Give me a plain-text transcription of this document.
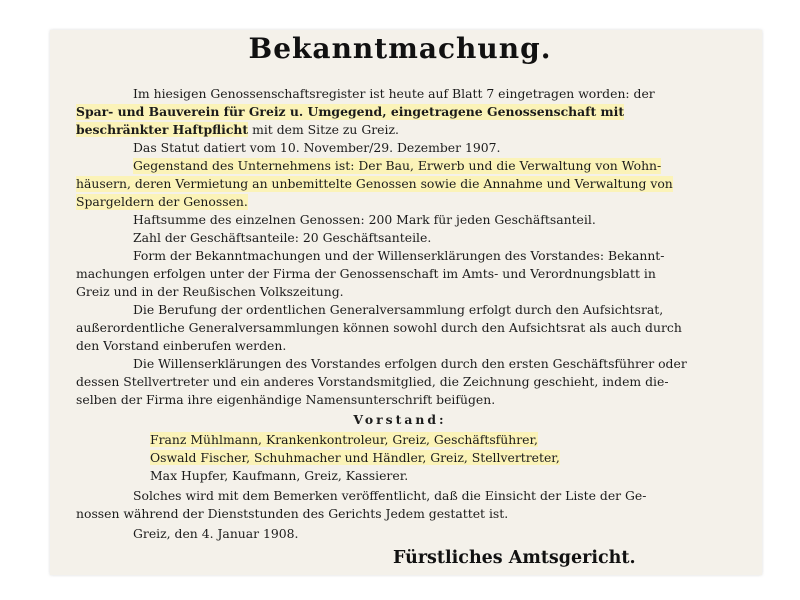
Bekanntmachung.
Im hiesigen Genossenschaftsregister ist heute auf Blatt 7 eingetragen worden: der
Spar- und Bauverein für Greiz u. Umgegend, eingetragene Genossenschaft mit
beschränkter Haftpflicht mit dem Sitze zu Greiz.
Das Statut datiert vom 10. November/29. Dezember 1907.
Gegenstand des Unternehmens ist: Der Bau, Erwerb und die Verwaltung von Wohn-
häusern, deren Vermietung an unbemittelte Genossen sowie die Annahme und Verwaltung von
Spargeldern der Genossen.
Haftsumme des einzelnen Genossen: 200 Mark für jeden Geschäftsanteil.
Zahl der Geschäftsanteile: 20 Geschäftsanteile.
Form der Bekanntmachungen und der Willenserklärungen des Vorstandes: Bekannt-
machungen erfolgen unter der Firma der Genossenschaft im Amts- und Verordnungsblatt in
Greiz und in der Reußischen Volkszeitung.
Die Berufung der ordentlichen Generalversammlung erfolgt durch den Aufsichtsrat,
außerordentliche Generalversammlungen können sowohl durch den Aufsichtsrat als auch durch
den Vorstand einberufen werden.
Die Willenserklärungen des Vorstandes erfolgen durch den ersten Geschäftsführer oder
dessen Stellvertreter und ein anderes Vorstandsmitglied, die Zeichnung geschieht, indem die-
selben der Firma ihre eigenhändige Namensunterschrift beifügen.
Vorstand:
Franz Mühlmann, Krankenkontroleur, Greiz, Geschäftsführer,
Oswald Fischer, Schuhmacher und Händler, Greiz, Stellvertreter,
Max Hupfer, Kaufmann, Greiz, Kassierer.
Solches wird mit dem Bemerken veröffentlicht, daß die Einsicht der Liste der Ge-
nossen während der Dienststunden des Gerichts Jedem gestattet ist.
Greiz, den 4. Januar 1908.
Fürstliches Amtsgericht.
